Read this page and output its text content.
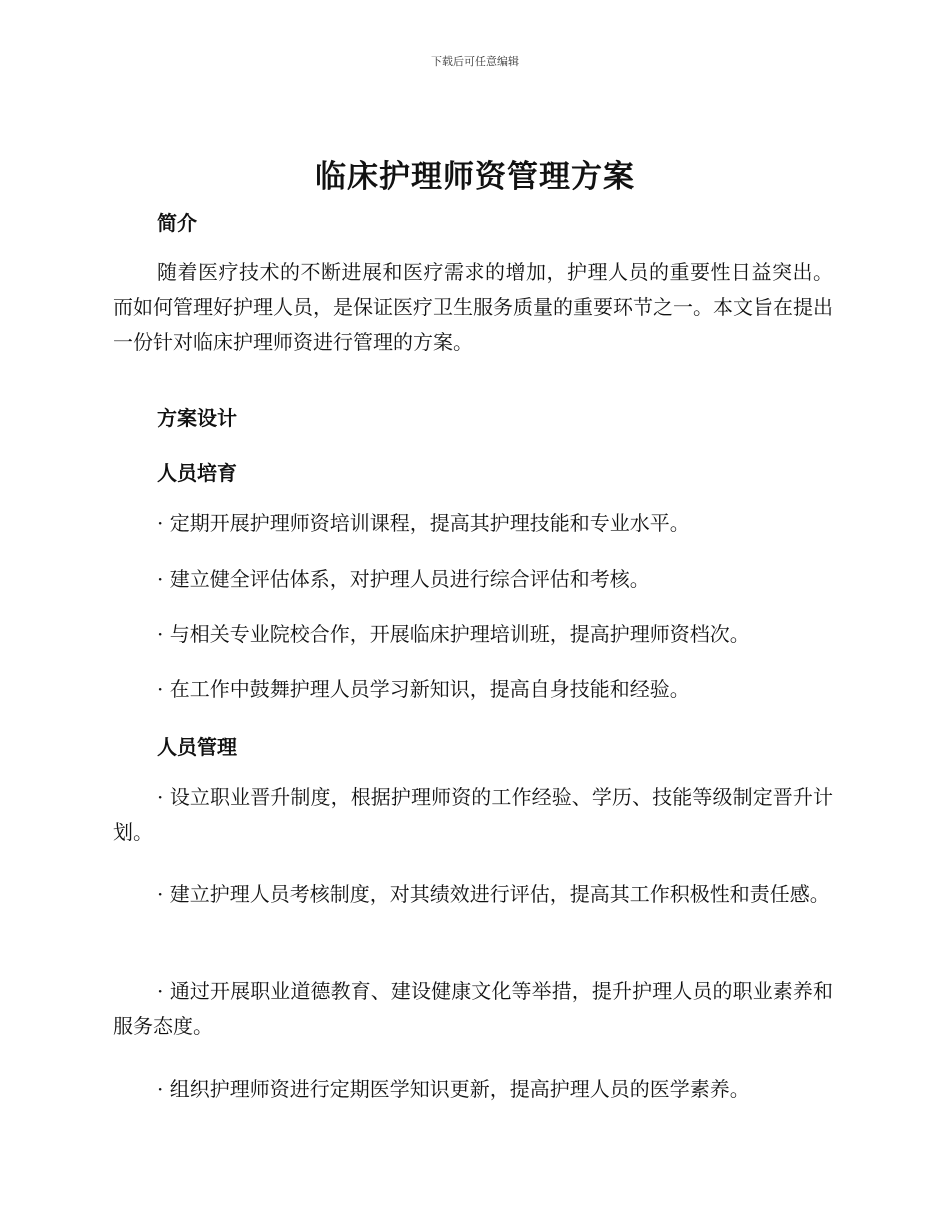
下载后可任意编辑
临床护理师资管理方案
简介

随着医疗技术的不断进展和医疗需求的增加，护理人员的重要性日益突出。而如何管理好护理人员，是保证医疗卫生服务质量的重要环节之一。本文旨在提出一份针对临床护理师资进行管理的方案。

方案设计
人员培育
· 定期开展护理师资培训课程，提高其护理技能和专业水平。
· 建立健全评估体系，对护理人员进行综合评估和考核。
· 与相关专业院校合作，开展临床护理培训班，提高护理师资档次。
· 在工作中鼓舞护理人员学习新知识，提高自身技能和经验。
人员管理

· 设立职业晋升制度，根据护理师资的工作经验、学历、技能等级制定晋升计划。

· 建立护理人员考核制度，对其绩效进行评估，提高其工作积极性和责任感。

· 通过开展职业道德教育、建设健康文化等举措，提升护理人员的职业素养和服务态度。

· 组织护理师资进行定期医学知识更新，提高护理人员的医学素养。
